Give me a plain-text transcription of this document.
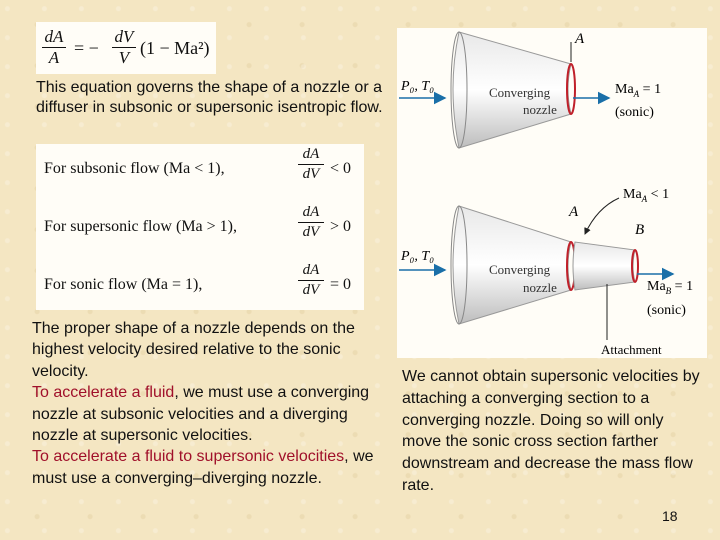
$\frac{dA}{A}$ = − $\frac{dV}{V} (1 - Ma^2)$
This equation governs the shape of a nozzle or a diffuser in subsonic or supersonic isentropic flow.
For subsonic flow (Ma < 1),	$\frac{dA}{dV} < 0$
For supersonic flow (Ma > 1),	$\frac{dA}{dV} > 0$
For sonic flow (Ma = 1),	$\frac{dA}{dV} = 0$
The proper shape of a nozzle depends on the highest velocity desired relative to the sonic velocity.
To accelerate a fluid, we must use a converging nozzle at subsonic velocities and a diverging nozzle at supersonic velocities.
To accelerate a fluid to supersonic velocities, we must use a converging–diverging nozzle.
A
P₀, T₀	Converging
nozzle
$Ma_A = 1$
(sonic)
P₀, T₀
Converging
nozzle
A
B
$Ma_A < 1$
$Ma_B = 1$
(sonic)
Attachment
We cannot obtain supersonic velocities by attaching a converging section to a converging nozzle. Doing so will only move the sonic cross section farther downstream and decrease the mass flow rate.
18
